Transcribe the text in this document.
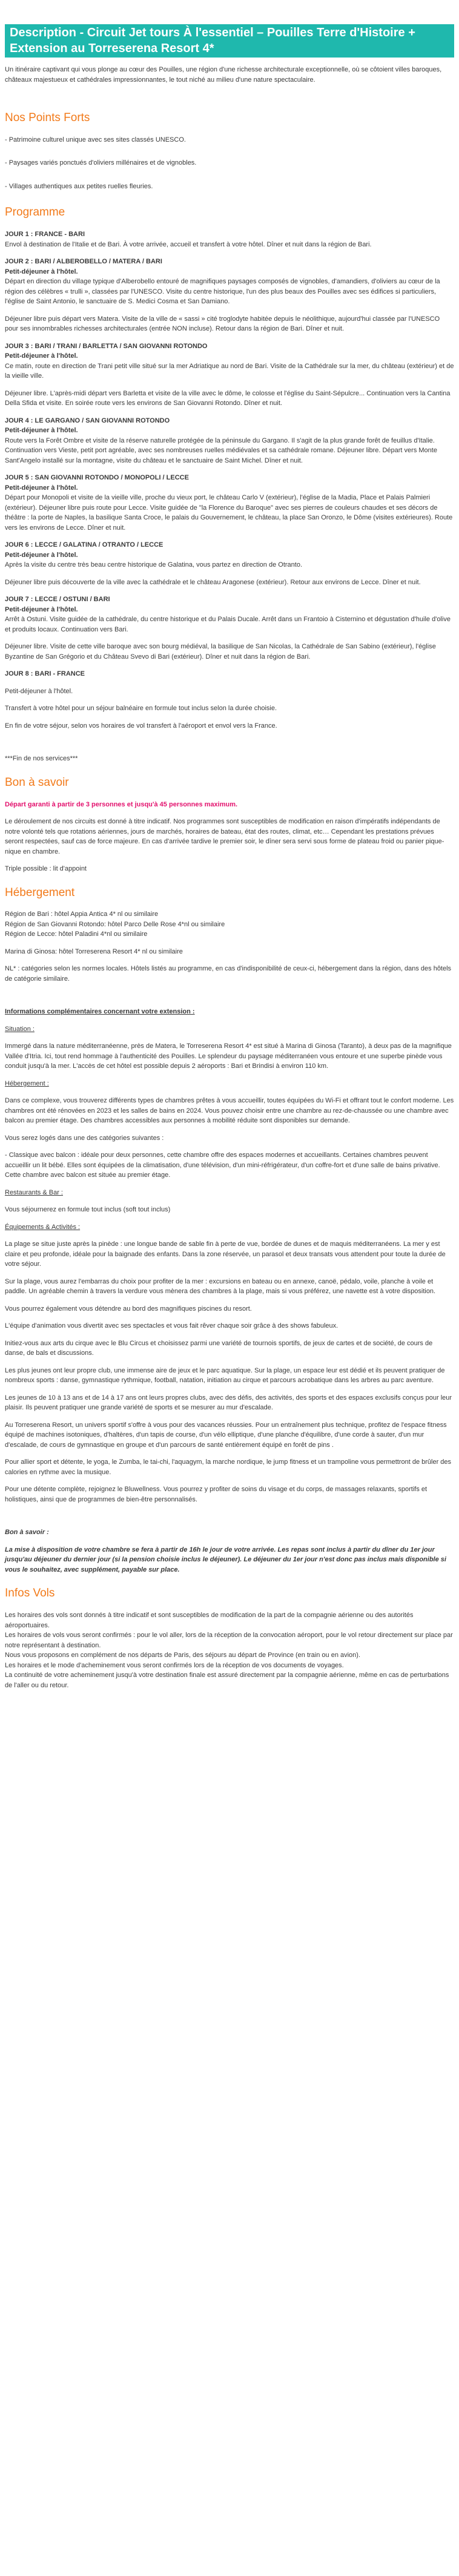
Description - Circuit Jet tours À l'essentiel – Pouilles Terre d'Histoire + Extension au Torreserena Resort 4*

Un itinéraire captivant qui vous plonge au cœur des Pouilles, une région d'une richesse architecturale exceptionnelle, où se côtoient villes baroques, châteaux majestueux et cathédrales impressionnantes, le tout niché au milieu d'une nature spectaculaire.

Nos Points Forts

- Patrimoine culturel unique avec ses sites classés UNESCO.

- Paysages variés ponctués d'oliviers millénaires et de vignobles.

- Villages authentiques aux petites ruelles fleuries.

Programme

JOUR 1 : FRANCE - BARI

Envol à destination de l'Italie et de Bari. À votre arrivée, accueil et transfert à votre hôtel. Dîner et nuit dans la région de Bari.

JOUR 2 : BARI / ALBEROBELLO / MATERA / BARI

Petit-déjeuner à l'hôtel.

Départ en direction du village typique d'Alberobello entouré de magnifiques paysages composés de vignobles, d'amandiers, d'oliviers au cœur de la région des célèbres « trulli », classées par l'UNESCO. Visite du centre historique, l'un des plus beaux des Pouilles avec ses édifices si particuliers, l'église de Saint Antonio, le sanctuaire de S. Medici Cosma et San Damiano.

Déjeuner libre puis départ vers Matera. Visite de la ville de « sassi » cité troglodyte habitée depuis le néolithique, aujourd'hui classée par l'UNESCO pour ses innombrables richesses architecturales (entrée NON incluse). Retour dans la région de Bari. Dîner et nuit.

JOUR 3 : BARI / TRANI / BARLETTA / SAN GIOVANNI ROTONDO

Petit-déjeuner à l'hôtel.

Ce matin, route en direction de Trani petit ville situé sur la mer Adriatique au nord de Bari. Visite de la Cathédrale sur la mer, du château (extérieur) et de la vieille ville.

Déjeuner libre. L'après-midi départ vers Barletta et visite de la ville avec le dôme, le colosse et l'église du Saint-Sépulcre... Continuation vers la Cantina Della Sfida et visite. En soirée route vers les environs de San Giovanni Rotondo. Dîner et nuit.

JOUR 4 : LE GARGANO / SAN GIOVANNI ROTONDO

Petit-déjeuner à l'hôtel.

Route vers la Forêt Ombre et visite de la réserve naturelle protégée de la péninsule du Gargano. Il s'agit de la plus grande forêt de feuillus d'Italie. Continuation vers Vieste, petit port agréable, avec ses nombreuses ruelles médiévales et sa cathédrale romane. Déjeuner libre. Départ vers Monte Sant'Angelo installé sur la montagne, visite du château et le sanctuaire de Saint Michel. Dîner et nuit.

JOUR 5 : SAN GIOVANNI ROTONDO / MONOPOLI / LECCE

Petit-déjeuner à l'hôtel.

Départ pour Monopoli et visite de la vieille ville, proche du vieux port, le château Carlo V (extérieur), l'église de la Madia, Place et Palais Palmieri (extérieur). Déjeuner libre puis route pour Lecce. Visite guidée de "la Florence du Baroque" avec ses pierres de couleurs chaudes et ses décors de théâtre : la porte de Naples, la basilique Santa Croce, le palais du Gouvernement, le château, la place San Oronzo, le Dôme (visites extérieures). Route vers les environs de Lecce. Dîner et nuit.

JOUR 6 : LECCE / GALATINA / OTRANTO / LECCE

Petit-déjeuner à l'hôtel.

Après la visite du centre très beau centre historique de Galatina, vous partez en direction de Otranto.

Déjeuner libre puis découverte de la ville avec la cathédrale et le château Aragonese (extérieur). Retour aux environs de Lecce. Dîner et nuit.

JOUR 7 : LECCE / OSTUNI / BARI

Petit-déjeuner à l'hôtel.

Arrêt à Ostuni. Visite guidée de la cathédrale, du centre historique et du Palais Ducale. Arrêt dans un Frantoio à Cisternino et dégustation d'huile d'olive et produits locaux. Continuation vers Bari.

Déjeuner libre. Visite de cette ville baroque avec son bourg médiéval, la basilique de San Nicolas, la Cathédrale de San Sabino (extérieur), l'église Byzantine de San Grégorio et du Château Svevo di Bari (extérieur). Dîner et nuit dans la région de Bari.

JOUR 8 : BARI - FRANCE

Petit-déjeuner à l'hôtel.

Transfert à votre hôtel pour un séjour balnéaire en formule tout inclus selon la durée choisie.

En fin de votre séjour, selon vos horaires de vol transfert à l'aéroport et envol vers la France.

***Fin de nos services***

Bon à savoir

Départ garanti à partir de 3 personnes et jusqu'à 45 personnes maximum.

Le déroulement de nos circuits est donné à titre indicatif. Nos programmes sont susceptibles de modification en raison d'impératifs indépendants de notre volonté tels que rotations aériennes, jours de marchés, horaires de bateau, état des routes, climat, etc… Cependant les prestations prévues seront respectées, sauf cas de force majeure. En cas d'arrivée tardive le premier soir, le dîner sera servi sous forme de plateau froid ou panier pique-nique en chambre.

Triple possible : lit d'appoint

Hébergement

Région de Bari : hôtel Appia Antica 4* nl ou similaire

Région de San Giovanni Rotondo: hôtel Parco Delle Rose 4*nl ou similaire

Région de Lecce: hôtel Paladini 4*nl ou similaire

Marina di Ginosa: hôtel Torreserena Resort 4* nl ou similaire

NL* : catégories selon les normes locales. Hôtels listés au programme, en cas d'indisponibilité de ceux-ci, hébergement dans la région, dans des hôtels de catégorie similaire.

Informations complémentaires concernant votre extension :

Situation :

Immergé dans la nature méditerranéenne, près de Matera, le Torreserena Resort 4* est situé à Marina di Ginosa (Taranto), à deux pas de la magnifique Vallée d'Itria. Ici, tout rend hommage à l'authenticité des Pouilles. Le splendeur du paysage méditerranéen vous entoure et une superbe pinède vous conduit jusqu'à la mer. L'accès de cet hôtel est possible depuis 2 aéroports : Bari et Brindisi à environ 110 km.

Hébergement :

Dans ce complexe, vous trouverez différents types de chambres prêtes à vous accueillir, toutes équipées du Wi-Fi et offrant tout le confort moderne. Les chambres ont été rénovées en 2023 et les salles de bains en 2024. Vous pouvez choisir entre une chambre au rez-de-chaussée ou une chambre avec balcon au premier étage. Des chambres accessibles aux personnes à mobilité réduite sont disponibles sur demande.

Vous serez logés dans une des catégories suivantes :

- Classique avec balcon : idéale pour deux personnes, cette chambre offre des espaces modernes et accueillants. Certaines chambres peuvent accueillir un lit bébé. Elles sont équipées de la climatisation, d'une télévision, d'un mini-réfrigérateur, d'un coffre-fort et d'une salle de bains privative. Cette chambre avec balcon est située au premier étage.

Restaurants & Bar :

Vous séjournerez en formule tout inclus (soft tout inclus)

Équipements & Activités :

La plage se situe juste après la pinède : une longue bande de sable fin à perte de vue, bordée de dunes et de maquis méditerranéens. La mer y est claire et peu profonde, idéale pour la baignade des enfants. Dans la zone réservée, un parasol et deux transats vous attendent pour toute la durée de votre séjour.

Sur la plage, vous aurez l'embarras du choix pour profiter de la mer : excursions en bateau ou en annexe, canoë, pédalo, voile, planche à voile et paddle. Un agréable chemin à travers la verdure vous mènera des chambres à la plage, mais si vous préférez, une navette est à votre disposition.

Vous pourrez également vous détendre au bord des magnifiques piscines du resort.

L'équipe d'animation vous divertit avec ses spectacles et vous fait rêver chaque soir grâce à des shows fabuleux.

Initiez-vous aux arts du cirque avec le Blu Circus et choisissez parmi une variété de tournois sportifs, de jeux de cartes et de société, de cours de danse, de bals et discussions.

Les plus jeunes ont leur propre club, une immense aire de jeux et le parc aquatique. Sur la plage, un espace leur est dédié et ils peuvent pratiquer de nombreux sports : danse, gymnastique rythmique, football, natation, initiation au cirque et parcours acrobatique dans les arbres au parc aventure.

Les jeunes de 10 à 13 ans et de 14 à 17 ans ont leurs propres clubs, avec des défis, des activités, des sports et des espaces exclusifs conçus pour leur plaisir. Ils peuvent pratiquer une grande variété de sports et se mesurer au mur d'escalade.

Au Torreserena Resort, un univers sportif s'offre à vous pour des vacances réussies. Pour un entraînement plus technique, profitez de l'espace fitness équipé de machines isotoniques, d'haltères, d'un tapis de course, d'un vélo elliptique, d'une planche d'équilibre, d'une corde à sauter, d'un mur d'escalade, de cours de gymnastique en groupe et d'un parcours de santé entièrement équipé en forêt de pins .

Pour allier sport et détente, le yoga, le Zumba, le tai-chi, l'aquagym, la marche nordique, le jump fitness et un trampoline vous permettront de brûler des calories en rythme avec la musique.

Pour une détente complète, rejoignez le Bluwellness. Vous pourrez y profiter de soins du visage et du corps, de massages relaxants, sportifs et holistiques, ainsi que de programmes de bien-être personnalisés.

Bon à savoir :

La mise à disposition de votre chambre se fera à partir de 16h le jour de votre arrivée. Les repas sont inclus à partir du dîner du 1er jour jusqu'au déjeuner du dernier jour (si la pension choisie inclus le déjeuner). Le déjeuner du 1er jour n'est donc pas inclus mais disponible si vous le souhaitez, avec supplément, payable sur place.

Infos Vols

Les horaires des vols sont donnés à titre indicatif et sont susceptibles de modification de la part de la compagnie aérienne ou des autorités aéroportuaires.

Les horaires de vols vous seront confirmés : pour le vol aller, lors de la réception de la convocation aéroport, pour le vol retour directement sur place par notre représentant à destination.

Nous vous proposons en complément de nos départs de Paris, des séjours au départ de Province (en train ou en avion).

Les horaires et le mode d'acheminement vous seront confirmés lors de la réception de vos documents de voyages.

La continuité de votre acheminement jusqu'à votre destination finale est assuré directement par la compagnie aérienne, même en cas de perturbations de l'aller ou du retour.
